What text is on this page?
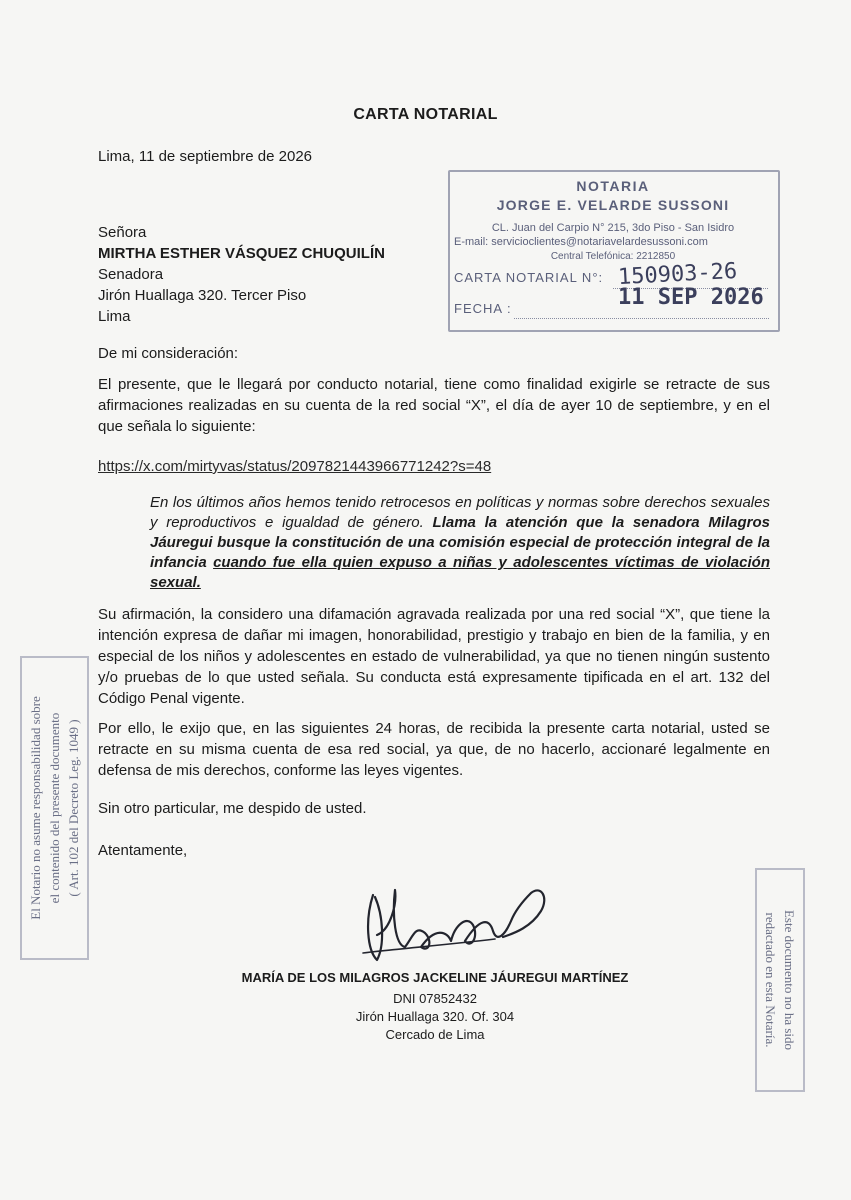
CARTA NOTARIAL
Lima, 11 de septiembre de 2026
NOTARIA
JORGE E. VELARDE SUSSONI
CL. Juan del Carpio N° 215, 3do Piso - San Isidro
E-mail: servicioclientes@notariavelardesussoni.com
Central Telefónica: 2212850
CARTA NOTARIAL N°: 150903-26
FECHA :	11 SEP 2026
Señora
MIRTHA ESTHER VÁSQUEZ CHUQUILÍN
Senadora
Jirón Huallaga 320. Tercer Piso
Lima
De mi consideración:
El presente, que le llegará por conducto notarial, tiene como finalidad exigirle se retracte de sus afirmaciones realizadas en su cuenta de la red social “X”, el día de ayer 10 de septiembre, y en el que señala lo siguiente:
https://x.com/mirtyvas/status/2097821443966771242?s=48
En los últimos años hemos tenido retrocesos en políticas y normas sobre derechos sexuales y reproductivos e igualdad de género. Llama la atención que la senadora Milagros Jáuregui busque la constitución de una comisión especial de protección integral de la infancia cuando fue ella quien expuso a niñas y adolescentes víctimas de violación sexual.
Su afirmación, la considero una difamación agravada realizada por una red social “X”, que tiene la intención expresa de dañar mi imagen, honorabilidad, prestigio y trabajo en bien de la familia, y en especial de los niños y adolescentes en estado de vulnerabilidad, ya que no tienen ningún sustento y/o pruebas de lo que usted señala. Su conducta está expresamente tipificada en el art. 132 del Código Penal vigente.
Por ello, le exijo que, en las siguientes 24 horas, de recibida la presente carta notarial, usted se retracte en su misma cuenta de esa red social, ya que, de no hacerlo, accionaré legalmente en defensa de mis derechos, conforme las leyes vigentes.
Sin otro particular, me despido de usted.
Atentamente,
MARÍA DE LOS MILAGROS JACKELINE JÁUREGUI MARTÍNEZ
DNI 07852432
Jirón Huallaga 320. Of. 304
Cercado de Lima
El Notario no asume responsabilidad sobre el contenido del presente documento ( Art. 102 del Decreto Leg. 1049 )
Este documento no ha sido
redactado en esta Notaría.
